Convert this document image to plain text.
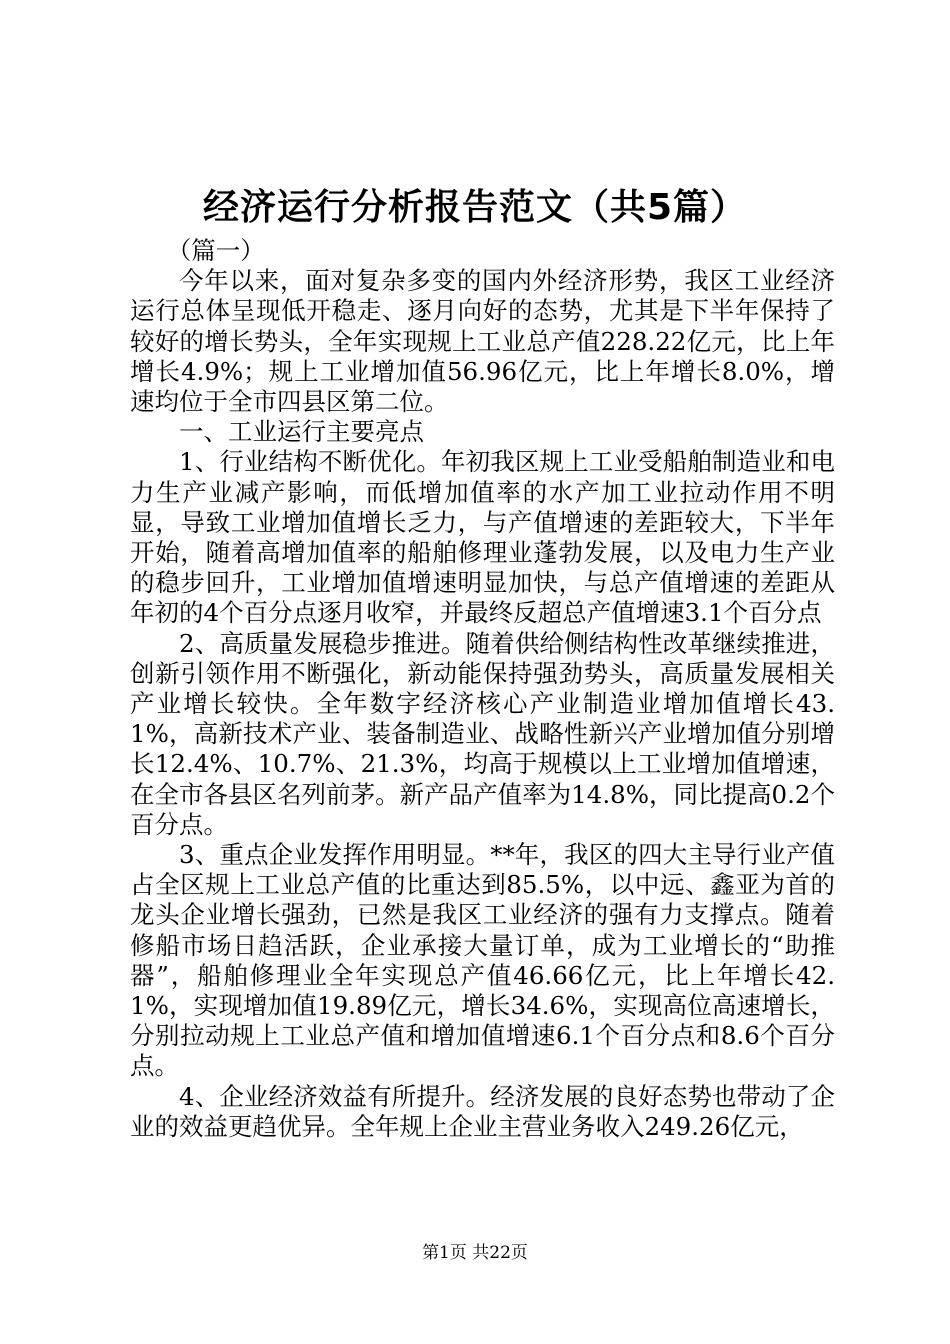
经济运行分析报告范文（共5篇）

（篇一）

今年以来，面对复杂多变的国内外经济形势，我区工业经济运行总体呈现低开稳走、逐月向好的态势，尤其是下半年保持了较好的增长势头，全年实现规上工业总产值228.22亿元，比上年增长4.9%；规上工业增加值56.96亿元，比上年增长8.0%，增速均位于全市四县区第二位。

一、工业运行主要亮点

1、行业结构不断优化。年初我区规上工业受船舶制造业和电力生产业减产影响，而低增加值率的水产加工业拉动作用不明显，导致工业增加值增长乏力，与产值增速的差距较大，下半年开始，随着高增加值率的船舶修理业蓬勃发展，以及电力生产业的稳步回升，工业增加值增速明显加快，与总产值增速的差距从年初的4个百分点逐月收窄，并最终反超总产值增速3.1个百分点

2、高质量发展稳步推进。随着供给侧结构性改革继续推进，创新引领作用不断强化，新动能保持强劲势头，高质量发展相关产业增长较快。全年数字经济核心产业制造业增加值增长43.1%，高新技术产业、装备制造业、战略性新兴产业增加值分别增长12.4%、10.7%、21.3%，均高于规模以上工业增加值增速，在全市各县区名列前茅。新产品产值率为14.8%，同比提高0.2个百分点。

3、重点企业发挥作用明显。**年，我区的四大主导行业产值占全区规上工业总产值的比重达到85.5%，以中远、鑫亚为首的龙头企业增长强劲，已然是我区工业经济的强有力支撑点。随着修船市场日趋活跃，企业承接大量订单，成为工业增长的“助推器”，船舶修理业全年实现总产值46.66亿元，比上年增长42.1%，实现增加值19.89亿元，增长34.6%，实现高位高速增长，分别拉动规上工业总产值和增加值增速6.1个百分点和8.6个百分点。

4、企业经济效益有所提升。经济发展的良好态势也带动了企业的效益更趋优异。全年规上企业主营业务收入249.26亿元，

第1页 共22页
